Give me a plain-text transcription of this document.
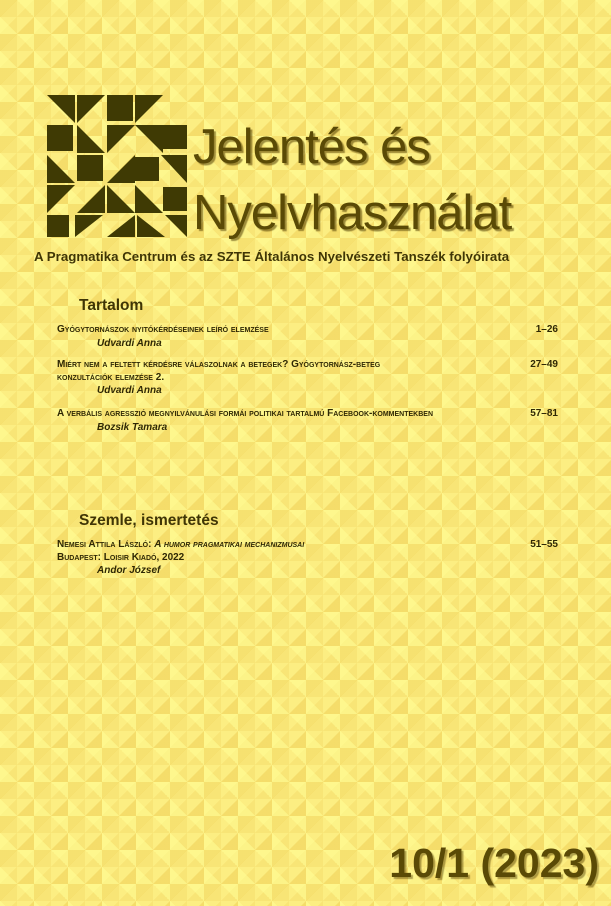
Jelentés és
Nyelvhasználat
A Pragmatika Centrum és az SZTE Általános Nyelvészeti Tanszék folyóirata
Tartalom
Gyógytornászok nyitókérdéseinek leíró elemzése
Udvardi Anna
1–26
Miért nem a feltett kérdésre válaszolnak a betegek? Gyógytornász-beteg konzultációk elemzése 2.
Udvardi Anna
27–49
A verbális agresszió megnyilvánulási formái politikai tartalmú Facebook-kommentekben
Bozsik Tamara
57–81
Szemle, ismertetés
Nemesi Attila László: A humor pragmatikai mechanizmusai
Budapest: Loisir Kiadó, 2022
Andor József
51–55
10/1 (2023)
